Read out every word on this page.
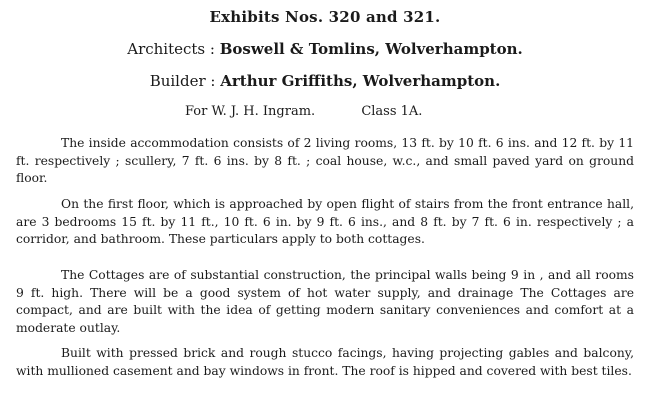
Exhibits Nos. 320 and 321.
Architects : Boswell & Tomlins, Wolverhampton.
Builder : Arthur Griffiths, Wolverhampton.
For W. J. H. Ingram.	Class 1A.

The inside accommodation consists of 2 living rooms, 13 ft. by 10 ft. 6 ins. and 12 ft. by 11 ft. respectively ; scullery, 7 ft. 6 ins. by 8 ft. ; coal house, w.c., and small paved yard on ground floor.

On the first floor, which is approached by open flight of stairs from the front entrance hall, are 3 bedrooms 15 ft. by 11 ft., 10 ft. 6 in. by 9 ft. 6 ins., and 8 ft. by 7 ft. 6 in. respectively ; a corridor, and bathroom. These particulars apply to both cottages.

The Cottages are of substantial construction, the principal walls being 9 in , and all rooms 9 ft. high. There will be a good system of hot water supply, and drainage The Cottages are compact, and are built with the idea of getting modern sanitary conveniences and comfort at a moderate outlay.

Built with pressed brick and rough stucco facings, having projecting gables and balcony, with mullioned casement and bay windows in front. The roof is hipped and covered with best tiles.
